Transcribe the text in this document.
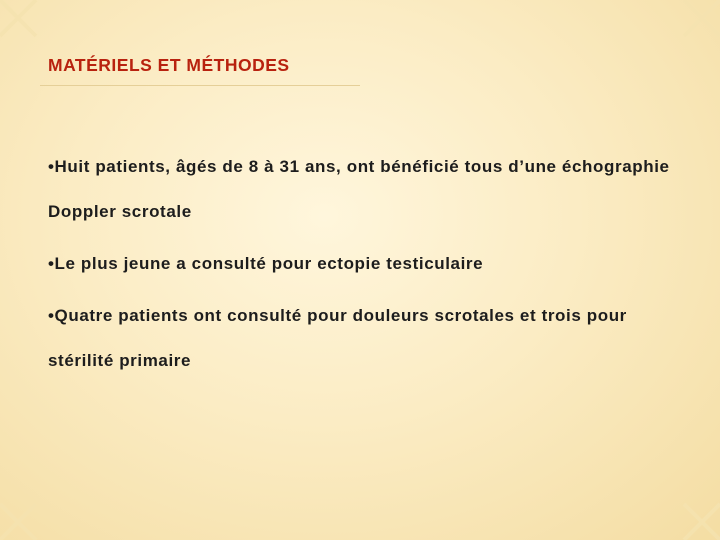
MATÉRIELS ET MÉTHODES
•Huit patients, âgés de 8 à 31 ans, ont bénéficié tous d’une échographie Doppler scrotale
•Le plus jeune a consulté pour ectopie testiculaire
•Quatre patients ont consulté pour douleurs scrotales et trois pour stérilité primaire
